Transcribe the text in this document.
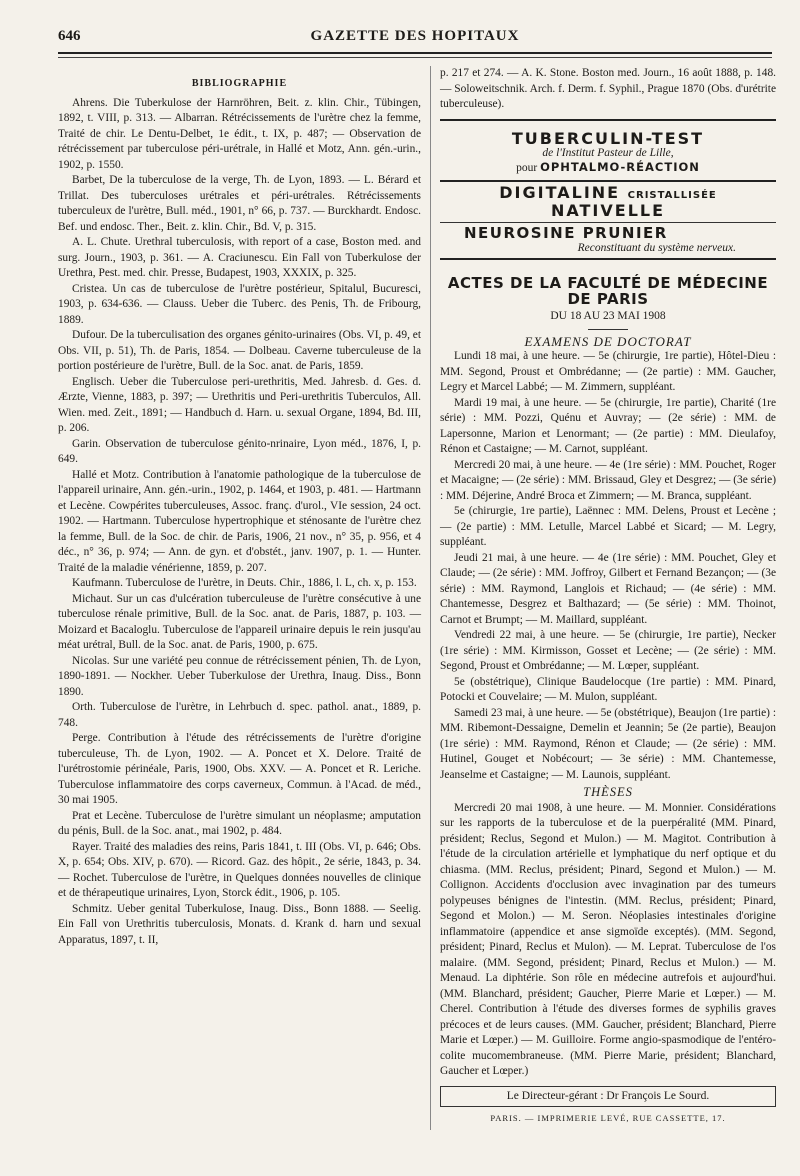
646	GAZETTE DES HOPITAUX
BIBLIOGRAPHIE

Ahrens. Die Tuberkulose der Harnröhren, Beit. z. klin. Chir., Tübingen, 1892, t. VIII, p. 313. — Albarran. Rétrécissements de l'urètre chez la femme, Traité de chir. Le Dentu-Delbet, 1e édit., t. IX, p. 487; — Observation de rétrécissement par tuberculose péri-urétrale, in Hallé et Motz, Ann. gén.-urin., 1902, p. 1550.

Barbet, De la tuberculose de la verge, Th. de Lyon, 1893. — L. Bérard et Trillat. Des tuberculoses urétrales et péri-urétrales. Rétrécissements tuberculeux de l'urètre, Bull. méd., 1901, n° 66, p. 737. — Burckhardt. Endosc. Bef. und endosc. Ther., Beit. z. klin. Chir., Bd. V, p. 315.

A. L. Chute. Urethral tuberculosis, with report of a case, Boston med. and surg. Journ., 1903, p. 361. — A. Craciunescu. Ein Fall von Tuberkulose der Urethra, Pest. med. chir. Presse, Budapest, 1903, XXXIX, p. 325.

Cristea. Un cas de tuberculose de l'urètre postérieur, Spitalul, Bucuresci, 1903, p. 634-636. — Clauss. Ueber die Tuberc. des Penis, Th. de Fribourg, 1889.

Dufour. De la tuberculisation des organes génito-urinaires (Obs. VI, p. 49, et Obs. VII, p. 51), Th. de Paris, 1854. — Dolbeau. Caverne tuberculeuse de la portion postérieure de l'urètre, Bull. de la Soc. anat. de Paris, 1859.

Englisch. Ueber die Tuberculose peri-urethritis, Med. Jahresb. d. Ges. d. Ærzte, Vienne, 1883, p. 397; — Urethritis und Peri-urethritis Tuberculos, All. Wien. med. Zeit., 1891; — Handbuch d. Harn. u. sexual Organe, 1894, Bd. III, p. 206.

Garin. Observation de tuberculose génito-nrinaire, Lyon méd., 1876, I, p. 649.

Hallé et Motz. Contribution à l'anatomie pathologique de la tuberculose de l'appareil urinaire, Ann. gén.-urin., 1902, p. 1464, et 1903, p. 481. — Hartmann et Lecène. Cowpérites tuberculeuses, Assoc. franç. d'urol., VIe session, 24 oct. 1902. — Hartmann. Tuberculose hypertrophique et sténosante de l'urètre chez la femme, Bull. de la Soc. de chir. de Paris, 1906, 21 nov., n° 35, p. 956, et 4 déc., n° 36, p. 974; — Ann. de gyn. et d'obstét., janv. 1907, p. 1. — Hunter. Traité de la maladie vénérienne, 1859, p. 207.

Kaufmann. Tuberculose de l'urètre, in Deuts. Chir., 1886, l. L, ch. x, p. 153.

Michaut. Sur un cas d'ulcération tuberculeuse de l'urètre consécutive à une tuberculose rénale primitive, Bull. de la Soc. anat. de Paris, 1887, p. 103. — Moizard et Bacaloglu. Tuberculose de l'appareil urinaire depuis le rein jusqu'au méat urétral, Bull. de la Soc. anat. de Paris, 1900, p. 675.

Nicolas. Sur une variété peu connue de rétrécissement pénien, Th. de Lyon, 1890-1891. — Nockher. Ueber Tuberkulose der Urethra, Inaug. Diss., Bonn 1890.

Orth. Tuberculose de l'urètre, in Lehrbuch d. spec. pathol. anat., 1889, p. 748.

Perge. Contribution à l'étude des rétrécissements de l'urètre d'origine tuberculeuse, Th. de Lyon, 1902. — A. Poncet et X. Delore. Traité de l'urétrostomie périnéale, Paris, 1900, Obs. XXV. — A. Poncet et R. Leriche. Tuberculose inflammatoire des corps caverneux, Commun. à l'Acad. de méd., 30 mai 1905.

Prat et Lecène. Tuberculose de l'urètre simulant un néoplasme; amputation du pénis, Bull. de la Soc. anat., mai 1902, p. 484.

Rayer. Traité des maladies des reins, Paris 1841, t. III (Obs. VI, p. 646; Obs. X, p. 654; Obs. XIV, p. 670). — Ricord. Gaz. des hôpit., 2e série, 1843, p. 34. — Rochet. Tuberculose de l'urètre, in Quelques données nouvelles de clinique et de thérapeutique urinaires, Lyon, Storck édit., 1906, p. 105.

Schmitz. Ueber genital Tuberkulose, Inaug. Diss., Bonn 1888. — Seelig. Ein Fall von Urethritis tuberculosis, Monats. d. Krank d. harn und sexual Apparatus, 1897, t. II,

p. 217 et 274. — A. K. Stone. Boston med. Journ., 16 août 1888, p. 148. — Soloweitschnik. Arch. f. Derm. f. Syphil., Prague 1870 (Obs. d'urétrite tuberculeuse).

TUBERCULIN-TEST
de l'Institut Pasteur de Lille,
pour OPHTALMO-RÉACTION
DIGITALINE CRISTALLISÉE NATIVELLE
NEUROSINE PRUNIER
Reconstituant du système nerveux.
ACTES DE LA FACULTÉ DE MÉDECINE DE PARIS
DU 18 AU 23 MAI 1908
EXAMENS DE DOCTORAT

Lundi 18 mai, à une heure. — 5e (chirurgie, 1re partie), Hôtel-Dieu : MM. Segond, Proust et Ombrédanne; — (2e partie) : MM. Gaucher, Legry et Marcel Labbé; — M. Zimmern, suppléant.

Mardi 19 mai, à une heure. — 5e (chirurgie, 1re partie), Charité (1re série) : MM. Pozzi, Quénu et Auvray; — (2e série) : MM. de Lapersonne, Marion et Lenormant; — (2e partie) : MM. Dieulafoy, Rénon et Castaigne; — M. Carnot, suppléant.

Mercredi 20 mai, à une heure. — 4e (1re série) : MM. Pouchet, Roger et Macaigne; — (2e série) : MM. Brissaud, Gley et Desgrez; — (3e série) : MM. Déjerine, André Broca et Zimmern; — M. Branca, suppléant.

5e (chirurgie, 1re partie), Laënnec : MM. Delens, Proust et Lecène ; — (2e partie) : MM. Letulle, Marcel Labbé et Sicard; — M. Legry, suppléant.

Jeudi 21 mai, à une heure. — 4e (1re série) : MM. Pouchet, Gley et Claude; — (2e série) : MM. Joffroy, Gilbert et Fernand Bezançon; — (3e série) : MM. Raymond, Langlois et Richaud; — (4e série) : MM. Chantemesse, Desgrez et Balthazard; — (5e série) : MM. Thoinot, Carnot et Brumpt; — M. Maillard, suppléant.

Vendredi 22 mai, à une heure. — 5e (chirurgie, 1re partie), Necker (1re série) : MM. Kirmisson, Gosset et Lecène; — (2e série) : MM. Segond, Proust et Ombrédanne; — M. Lœper, suppléant.

5e (obstétrique), Clinique Baudelocque (1re partie) : MM. Pinard, Potocki et Couvelaire; — M. Mulon, suppléant.

Samedi 23 mai, à une heure. — 5e (obstétrique), Beaujon (1re partie) : MM. Ribemont-Dessaigne, Demelin et Jeannin; 5e (2e partie), Beaujon (1re série) : MM. Raymond, Rénon et Claude; — (2e série) : MM. Hutinel, Gouget et Nobécourt; — 3e série) : MM. Chantemesse, Jeanselme et Castaigne; — M. Launois, suppléant.

THÈSES

Mercredi 20 mai 1908, à une heure. — M. Monnier. Considérations sur les rapports de la tuberculose et de la puerpéralité (MM. Pinard, président; Reclus, Segond et Mulon.) — M. Magitot. Contribution à l'étude de la circulation artérielle et lymphatique du nerf optique et du chiasma. (MM. Reclus, président; Pinard, Segond et Mulon.) — M. Collignon. Accidents d'occlusion avec invagination par des tumeurs polypeuses bénignes de l'intestin. (MM. Reclus, président; Pinard, Segond et Molon.) — M. Seron. Néoplasies intestinales d'origine inflammatoire (appendice et anse sigmoïde exceptés). (MM. Segond, président; Pinard, Reclus et Mulon). — M. Leprat. Tuberculose de l'os malaire. (MM. Segond, président; Pinard, Reclus et Mulon.) — M. Menaud. La diphtérie. Son rôle en médecine autrefois et aujourd'hui. (MM. Blanchard, président; Gaucher, Pierre Marie et Lœper.) — M. Cherel. Contribution à l'étude des diverses formes de syphilis graves précoces et de leurs causes. (MM. Gaucher, président; Blanchard, Pierre Marie et Lœper.) — M. Guilloire. Forme angio-spasmodique de l'entéro-colite mucomembraneuse. (MM. Pierre Marie, président; Blanchard, Gaucher et Lœper.)

Le Directeur-gérant : Dr François Le Sourd.
PARIS. — IMPRIMERIE LEVÉ, RUE CASSETTE, 17.
